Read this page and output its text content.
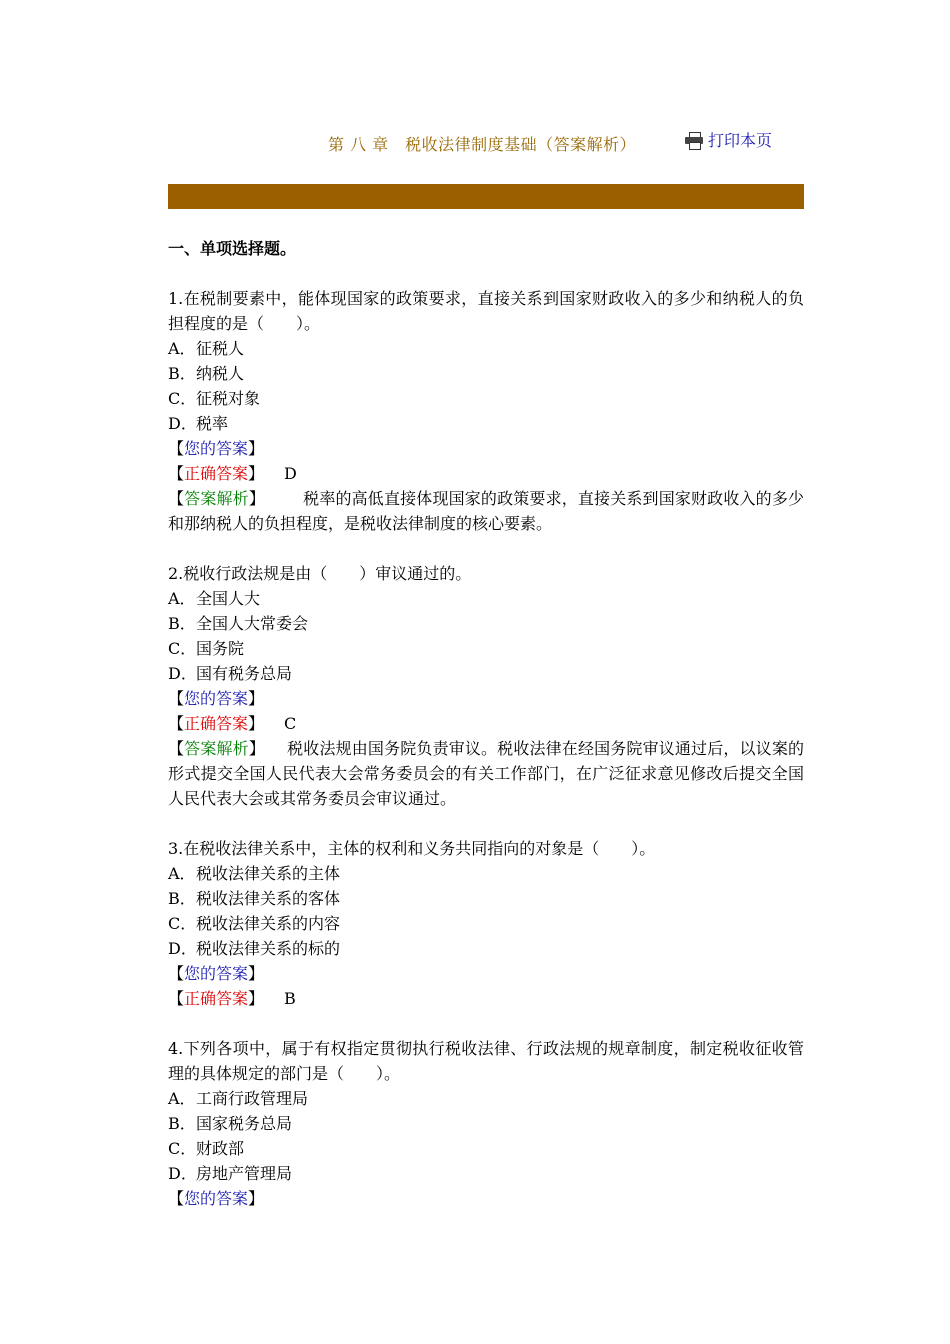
第 八 章　税收法律制度基础（答案解析）	打印本页
一、单项选择题。
1.在税制要素中，能体现国家的政策要求，直接关系到国家财政收入的多少和纳税人的负担程度的是（　　）。
A．征税人
B．纳税人
C．征税对象
D．税率
【您的答案】
【正确答案】 D
【答案解析】 税率的高低直接体现国家的政策要求，直接关系到国家财政收入的多少和那纳税人的负担程度，是税收法律制度的核心要素。
2.税收行政法规是由（　　）审议通过的。
A．全国人大
B．全国人大常委会
C．国务院
D．国有税务总局
【您的答案】
【正确答案】 C
【答案解析】 税收法规由国务院负责审议。税收法律在经国务院审议通过后，以议案的形式提交全国人民代表大会常务委员会的有关工作部门，在广泛征求意见修改后提交全国人民代表大会或其常务委员会审议通过。
3.在税收法律关系中，主体的权利和义务共同指向的对象是（　　）。
A．税收法律关系的主体
B．税收法律关系的客体
C．税收法律关系的内容
D．税收法律关系的标的
【您的答案】
【正确答案】 B
4.下列各项中，属于有权指定贯彻执行税收法律、行政法规的规章制度，制定税收征收管理的具体规定的部门是（　　）。
A．工商行政管理局
B．国家税务总局
C．财政部
D．房地产管理局
【您的答案】
